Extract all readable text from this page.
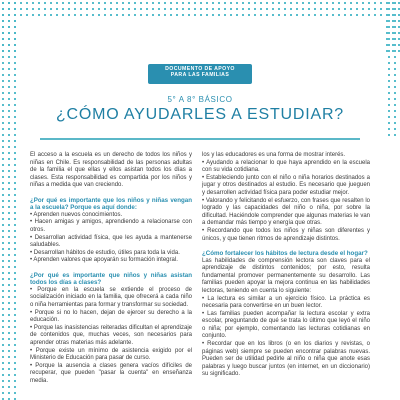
DOCUMENTO DE APOYO
PARA LAS FAMILIAS
5° A 8° BÁSICO
¿CÓMO AYUDARLES A ESTUDIAR?

El acceso a la escuela es un derecho de todos los niños y niñas en Chile. Es responsabilidad de las personas adultas de la familia el que ellas y ellos asistan todos los días a clases. Esta responsabilidad es compartida por los niños y niñas a medida que van creciendo.

¿Por qué es importante que los niños y niñas vengan a la escuela? Porque es aquí donde:

• Aprenden nuevos conocimientos.

• Hacen amigas y amigos, aprendiendo a relacionarse con otros.

• Desarrollan actividad física, que les ayuda a mantenerse saludables.

• Desarrollan hábitos de estudio, útiles para toda la vida.

• Aprenden valores que apoyarán su formación integral.

¿Por qué es importante que niños y niñas asistan todos los días a clases?

• Porque en la escuela se extiende el proceso de socialización iniciado en la familia, que ofrecerá a cada niño o niña herramientas para formar y transformar su sociedad.

• Porque si no lo hacen, dejan de ejercer su derecho a la educación.

• Porque las inasistencias reiteradas dificultan el aprendizaje de contenidos que, muchas veces, son necesarios para aprender otras materias más adelante.

• Porque existe un mínimo de asistencia exigido por el Ministerio de Educación para pasar de curso.

• Porque la ausencia a clases genera vacíos difíciles de recuperar, que pueden "pasar la cuenta" en enseñanza media.

los y las educadores es una forma de mostrar interés.

• Ayudando a relacionar lo que haya aprendido en la escuela con su vida cotidiana.

• Estableciendo junto con el niño o niña horarios destinados a jugar y otros destinados al estudio. Es necesario que jueguen y desarrollen actividad física para poder estudiar mejor.

• Valorando y felicitando el esfuerzo, con frases que resalten lo logrado y las capacidades del niño o niña, por sobre la dificultad. Haciéndole comprender que algunas materias le van a demandar más tiempo y energía que otras.

• Recordando que todos los niños y niñas son diferentes y únicos, y que tienen ritmos de aprendizaje distintos.

¿Cómo fortalecer los hábitos de lectura desde el hogar?

Las habilidades de comprensión lectora son claves para el aprendizaje de distintos contenidos; por esto, resulta fundamental promover permanentemente su desarrollo. Las familias pueden apoyar la mejora continua en las habilidades lectoras, teniendo en cuenta lo siguiente:

• La lectura es similar a un ejercicio físico. La práctica es necesaria para convertirse en un buen lector.

• Las familias pueden acompañar la lectura escolar y extra escolar, preguntando de qué se trata lo último que leyó el niño o niña; por ejemplo, comentando las lecturas cotidianas en conjunto.

• Recordar que en los libros (o en los diarios y revistas, o páginas web) siempre se pueden encontrar palabras nuevas. Pueden ser de utilidad pedirle al niño o niña que anote esas palabras y luego buscar juntos (en internet, en un diccionario) su significado.
